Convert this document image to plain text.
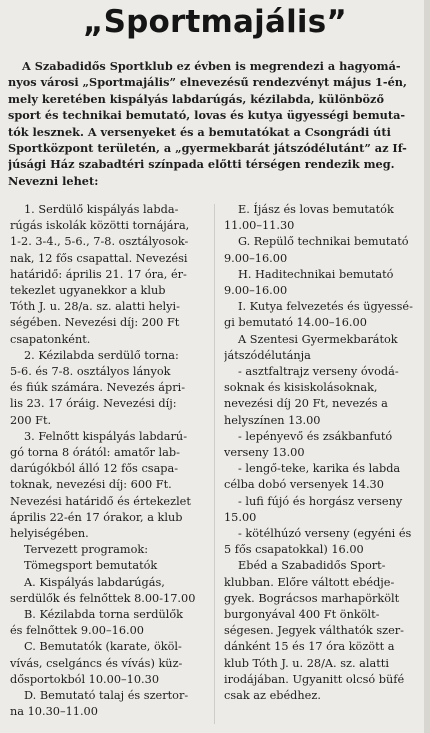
„Sportmajális”
A Szabadidős Sportklub ez évben is megrendezi a hagyomá-
nyos városi „Sportmajális” elnevezésű rendezvényt május 1-én,
mely keretében kispályás labdarúgás, kézilabda, különböző
sport és technikai bemutató, lovas és kutya ügyességi bemuta-
tók lesznek. A versenyeket és a bemutatókat a Csongrádi úti
Sportközpont területén, a „gyermekbarát játszódélutánt” az If-
júsági Ház szabadtéri színpada előtti térségen rendezik meg.
Nevezni lehet:
1. Serdülő kispályás labda-
rúgás iskolák közötti tornájára,
1-2. 3-4., 5-6., 7-8. osztályosok-
nak, 12 fős csapattal. Nevezési
határidő: április 21. 17 óra, ér-
tekezlet ugyanekkor a klub
Tóth J. u. 28/a. sz. alatti helyi-
ségében. Nevezési díj: 200 Ft
csapatonként.
2. Kézilabda serdülő torna:
5-6. és 7-8. osztályos lányok
és fiúk számára. Nevezés ápri-
lis 23. 17 óráig. Nevezési díj:
200 Ft.
3. Felnőtt kispályás labdarú-
gó torna 8 órától: amatőr lab-
darúgókból álló 12 fős csapa-
toknak, nevezési díj: 600 Ft.
Nevezési határidő és értekezlet
április 22-én 17 órakor, a klub
helyiségében.
Tervezett programok:
Tömegsport bemutatók
A. Kispályás labdarúgás,
serdülők és felnőttek 8.00-17.00
B. Kézilabda torna serdülők
és felnőttek 9.00–16.00
C. Bemutatók (karate, ököl-
vívás, cselgáncs és vívás) küz-
dősportokból 10.00–10.30
D. Bemutató talaj és szertor-
na 10.30–11.00
E. Íjász és lovas bemutatók
11.00–11.30
G. Repülő technikai bemutató
9.00–16.00
H. Haditechnikai bemutató
9.00–16.00
I. Kutya felvezetés és ügyessé-
gi bemutató 14.00–16.00
A Szentesi Gyermekbarátok
játszódélutánja
- asztfaltrajz verseny óvodá-
soknak és kisiskolásoknak,
nevezési díj 20 Ft, nevezés a
helyszínen 13.00
- lepényevő és zsákbanfutó
verseny 13.00
- lengő-teke, karika és labda
célba dobó versenyek 14.30
- lufi fújó és horgász verseny
15.00
- kötélhúzó verseny (egyéni és
5 fős csapatokkal) 16.00
Ebéd a Szabadidős Sport-
klubban. Előre váltott ebédje-
gyek. Bográcsos marhapörkölt
burgonyával 400 Ft önkölt-
ségesen. Jegyek válthatók szer-
dánként 15 és 17 óra között a
klub Tóth J. u. 28/A. sz. alatti
irodájában. Ugyanitt olcsó büfé
csak az ebédhez.
